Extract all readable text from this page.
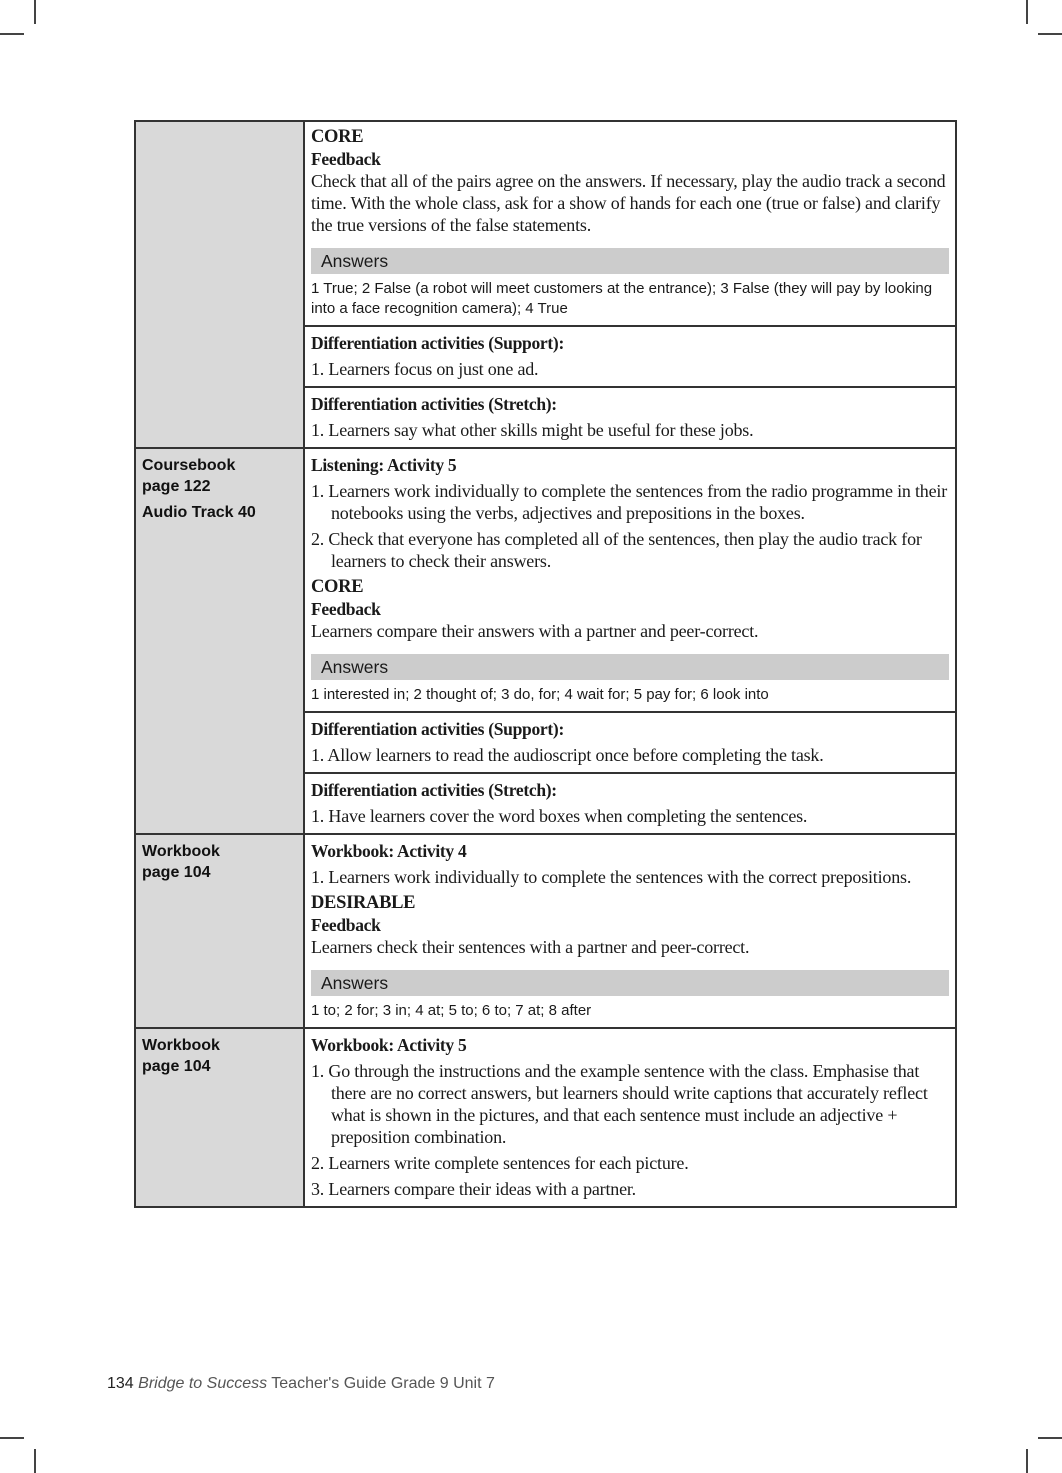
CORE
Feedback
Check that all of the pairs agree on the answers. If necessary, play the audio track a second time. With the whole class, ask for a show of hands for each one (true or false) and clarify the true versions of the false statements.
Answers
1 True; 2 False (a robot will meet customers at the entrance); 3 False (they will pay by looking into a face recognition camera); 4 True
Differentiation activities (Support):
1. Learners focus on just one ad.
Differentiation activities (Stretch):
1. Learners say what other skills might be useful for these jobs.

Coursebook
page 122
Audio Track 40

Listening: Activity 5
1. Learners work individually to complete the sentences from the radio programme in their notebooks using the verbs, adjectives and prepositions in the boxes.
2. Check that everyone has completed all of the sentences, then play the audio track for learners to check their answers.
CORE
Feedback
Learners compare their answers with a partner and peer-correct.
Answers
1 interested in; 2 thought of; 3 do, for; 4 wait for; 5 pay for; 6 look into
Differentiation activities (Support):
1. Allow learners to read the audioscript once before completing the task.
Differentiation activities (Stretch):
1. Have learners cover the word boxes when completing the sentences.

Workbook
page 104

Workbook: Activity 4
1. Learners work individually to complete the sentences with the correct prepositions.
DESIRABLE
Feedback
Learners check their sentences with a partner and peer-correct.
Answers
1 to; 2 for; 3 in; 4 at; 5 to; 6 to; 7 at; 8 after

Workbook
page 104

Workbook: Activity 5
1. Go through the instructions and the example sentence with the class. Emphasise that there are no correct answers, but learners should write captions that accurately reflect what is shown in the pictures, and that each sentence must include an adjective + preposition combination.
2. Learners write complete sentences for each picture.
3. Learners compare their ideas with a partner.
134 Bridge to Success Teacher's Guide Grade 9 Unit 7
